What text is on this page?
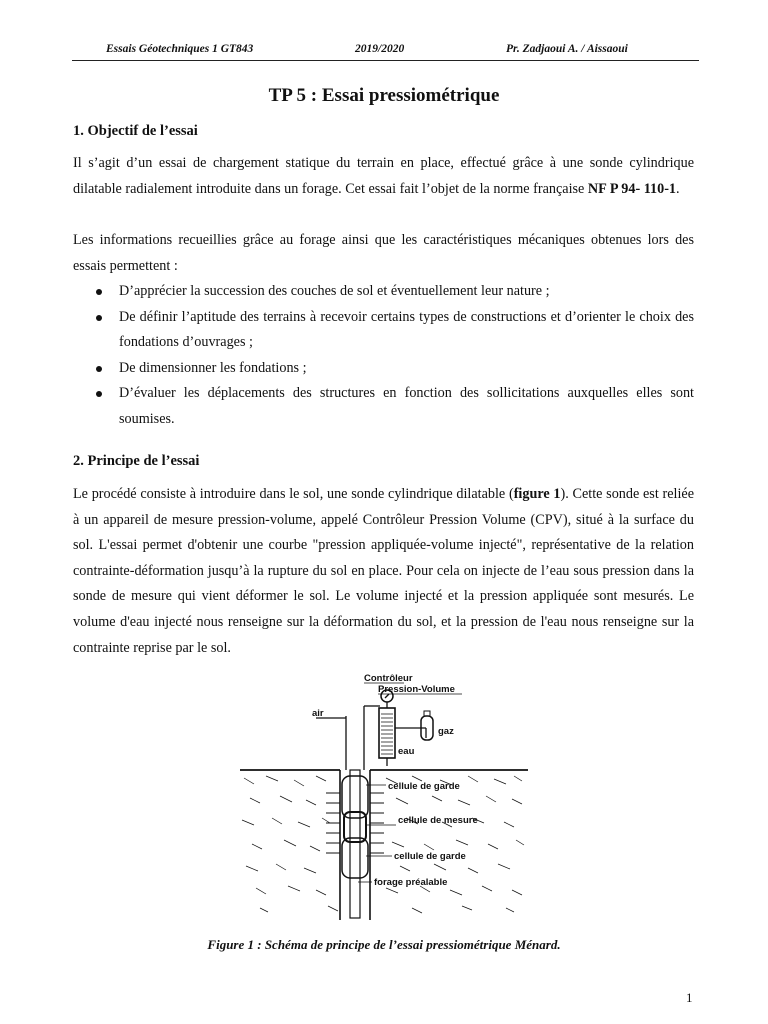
Essais Géotechniques 1 GT843	2019/2020	Pr. Zadjaoui A. / Aissaoui
TP 5 : Essai pressiométrique
1. Objectif de l’essai
Il s’agit d’un essai de chargement statique du terrain en place, effectué grâce à une sonde cylindrique dilatable radialement introduite dans un forage. Cet essai fait l’objet de la norme française NF P 94- 110-1.
Les informations recueillies grâce au forage ainsi que les caractéristiques mécaniques obtenues lors des essais permettent :
D’apprécier la succession des couches de sol et éventuellement leur nature ;
De définir l’aptitude des terrains à recevoir certains types de constructions et d’orienter le choix des fondations d’ouvrages ;
De dimensionner les fondations ;
D’évaluer les déplacements des structures en fonction des sollicitations auxquelles elles sont soumises.
2. Principe de l’essai
Le procédé consiste à introduire dans le sol, une sonde cylindrique dilatable (figure 1). Cette sonde est reliée à un appareil de mesure pression-volume, appelé Contrôleur Pression Volume (CPV), situé à la surface du sol. L'essai permet d'obtenir une courbe "pression appliquée-volume injecté", représentative de la relation contrainte-déformation jusqu’à la rupture du sol en place. Pour cela on injecte de l’eau sous pression dans la sonde de mesure qui vient déformer le sol. Le volume injecté et la pression appliquée sont mesurés. Le volume d'eau injecté nous renseigne sur la déformation du sol, et la pression de l'eau nous renseigne sur la contrainte reprise par le sol.
Contrôleur
Pression-Volume
air
gaz
eau
cellule de garde
cellule de mesure
cellule de garde
forage préalable
Figure 1 : Schéma de principe de l’essai pressiométrique Ménard.
1
